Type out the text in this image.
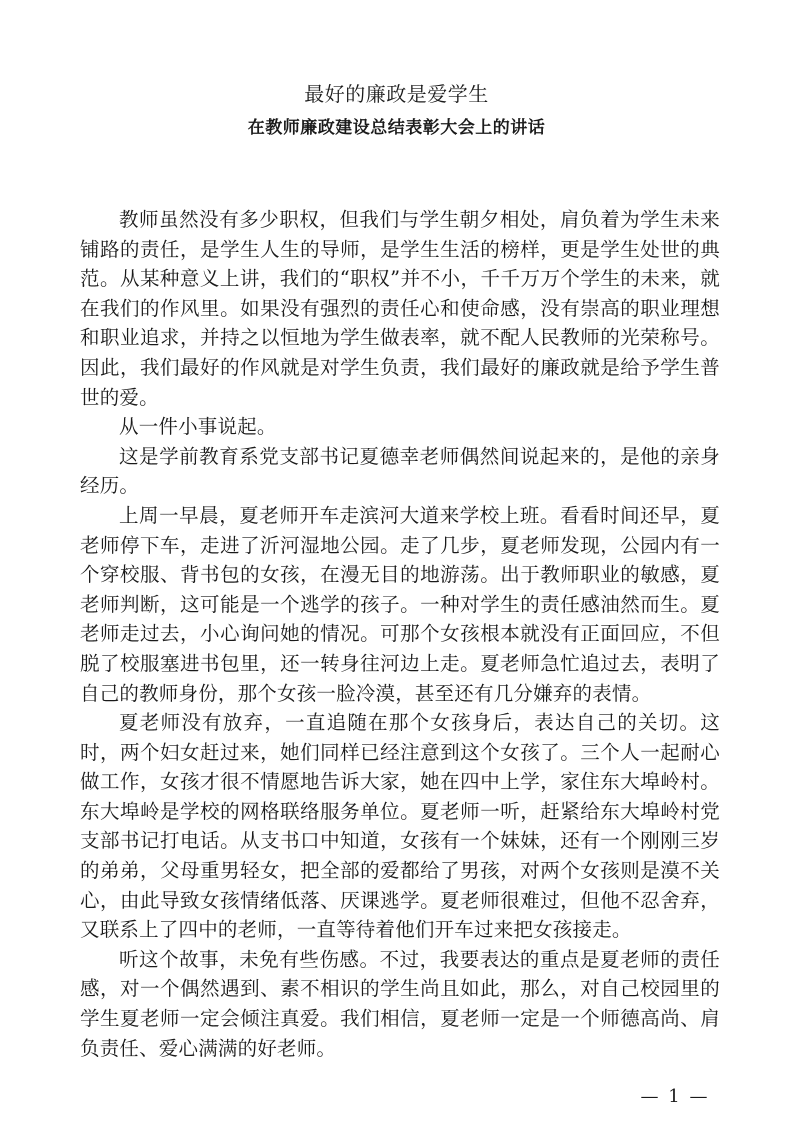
最好的廉政是爱学生
在教师廉政建设总结表彰大会上的讲话

教师虽然没有多少职权，但我们与学生朝夕相处，肩负着为学生未来铺路的责任，是学生人生的导师，是学生生活的榜样，更是学生处世的典范。从某种意义上讲，我们的“职权”并不小，千千万万个学生的未来，就在我们的作风里。如果没有强烈的责任心和使命感，没有崇高的职业理想和职业追求，并持之以恒地为学生做表率，就不配人民教师的光荣称号。因此，我们最好的作风就是对学生负责，我们最好的廉政就是给予学生普世的爱。

从一件小事说起。

这是学前教育系党支部书记夏德幸老师偶然间说起来的，是他的亲身经历。

上周一早晨，夏老师开车走滨河大道来学校上班。看看时间还早，夏老师停下车，走进了沂河湿地公园。走了几步，夏老师发现，公园内有一个穿校服、背书包的女孩，在漫无目的地游荡。出于教师职业的敏感，夏老师判断，这可能是一个逃学的孩子。一种对学生的责任感油然而生。夏老师走过去，小心询问她的情况。可那个女孩根本就没有正面回应，不但脱了校服塞进书包里，还一转身往河边上走。夏老师急忙追过去，表明了自己的教师身份，那个女孩一脸冷漠，甚至还有几分嫌弃的表情。

夏老师没有放弃，一直追随在那个女孩身后，表达自己的关切。这时，两个妇女赶过来，她们同样已经注意到这个女孩了。三个人一起耐心做工作，女孩才很不情愿地告诉大家，她在四中上学，家住东大埠岭村。东大埠岭是学校的网格联络服务单位。夏老师一听，赶紧给东大埠岭村党支部书记打电话。从支书口中知道，女孩有一个妹妹，还有一个刚刚三岁的弟弟，父母重男轻女，把全部的爱都给了男孩，对两个女孩则是漠不关心，由此导致女孩情绪低落、厌课逃学。夏老师很难过，但他不忍舍弃，又联系上了四中的老师，一直等待着他们开车过来把女孩接走。

听这个故事，未免有些伤感。不过，我要表达的重点是夏老师的责任感，对一个偶然遇到、素不相识的学生尚且如此，那么，对自己校园里的学生夏老师一定会倾注真爱。我们相信，夏老师一定是一个师德高尚、肩负责任、爱心满满的好老师。

— 1 —
